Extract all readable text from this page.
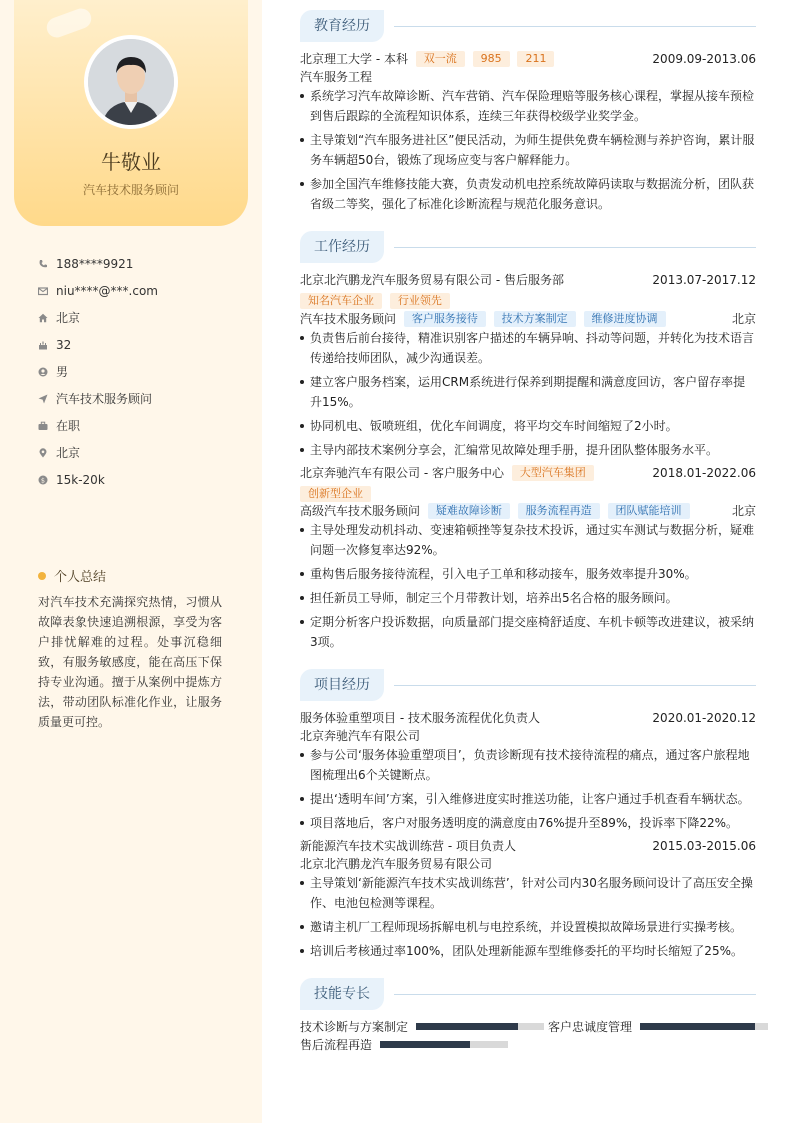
牛敬业
汽车技术服务顾问
188****9921
niu****@***.com
北京
32
男
汽车技术服务顾问
在职
北京
$ 15k-20k
个人总结
对汽车技术充满探究热情，习惯从故障表象快速追溯根源，享受为客户排忧解难的过程。处事沉稳细致，有服务敏感度，能在高压下保持专业沟通。擅于从案例中提炼方法，带动团队标准化作业，让服务质量更可控。
教育经历
北京理工大学 - 本科 双一流 985 211	2009.09-2013.06
汽车服务工程
系统学习汽车故障诊断、汽车营销、汽车保险理赔等服务核心课程，掌握从接车预检到售后跟踪的全流程知识体系，连续三年获得校级学业奖学金。
主导策划“汽车服务进社区”便民活动，为师生提供免费车辆检测与养护咨询，累计服务车辆超50台，锻炼了现场应变与客户解释能力。
参加全国汽车维修技能大赛，负责发动机电控系统故障码读取与数据流分析，团队获省级二等奖，强化了标准化诊断流程与规范化服务意识。
工作经历
北京北汽鹏龙汽车服务贸易有限公司 - 售后服务部	2013.07-2017.12
知名汽车企业 行业领先
汽车技术服务顾问 客户服务接待 技术方案制定 维修进度协调	北京
负责售后前台接待，精准识别客户描述的车辆异响、抖动等问题，并转化为技术语言传递给技师团队，减少沟通误差。
建立客户服务档案，运用CRM系统进行保养到期提醒和满意度回访，客户留存率提升15%。
协同机电、钣喷班组，优化车间调度，将平均交车时间缩短了2小时。
主导内部技术案例分享会，汇编常见故障处理手册，提升团队整体服务水平。
北京奔驰汽车有限公司 - 客户服务中心 大型汽车集团	2018.01-2022.06
创新型企业
高级汽车技术服务顾问 疑难故障诊断 服务流程再造 团队赋能培训	北京
主导处理发动机抖动、变速箱顿挫等复杂技术投诉，通过实车测试与数据分析，疑难问题一次修复率达92%。
重构售后服务接待流程，引入电子工单和移动接车，服务效率提升30%。
担任新员工导师，制定三个月带教计划，培养出5名合格的服务顾问。
定期分析客户投诉数据，向质量部门提交座椅舒适度、车机卡顿等改进建议，被采纳3项。
项目经历
服务体验重塑项目 - 技术服务流程优化负责人	2020.01-2020.12
北京奔驰汽车有限公司
参与公司‘服务体验重塑项目’，负责诊断现有技术接待流程的痛点，通过客户旅程地图梳理出6个关键断点。
提出‘透明车间’方案，引入维修进度实时推送功能，让客户通过手机查看车辆状态。
项目落地后，客户对服务透明度的满意度由76%提升至89%，投诉率下降22%。
新能源汽车技术实战训练营 - 项目负责人	2015.03-2015.06
北京北汽鹏龙汽车服务贸易有限公司
主导策划‘新能源汽车技术实战训练营’，针对公司内30名服务顾问设计了高压安全操作、电池包检测等课程。
邀请主机厂工程师现场拆解电机与电控系统，并设置模拟故障场景进行实操考核。
培训后考核通过率100%，团队处理新能源车型维修委托的平均时长缩短了25%。
技能专长
技术诊断与方案制定	客户忠诚度管理
售后流程再造
